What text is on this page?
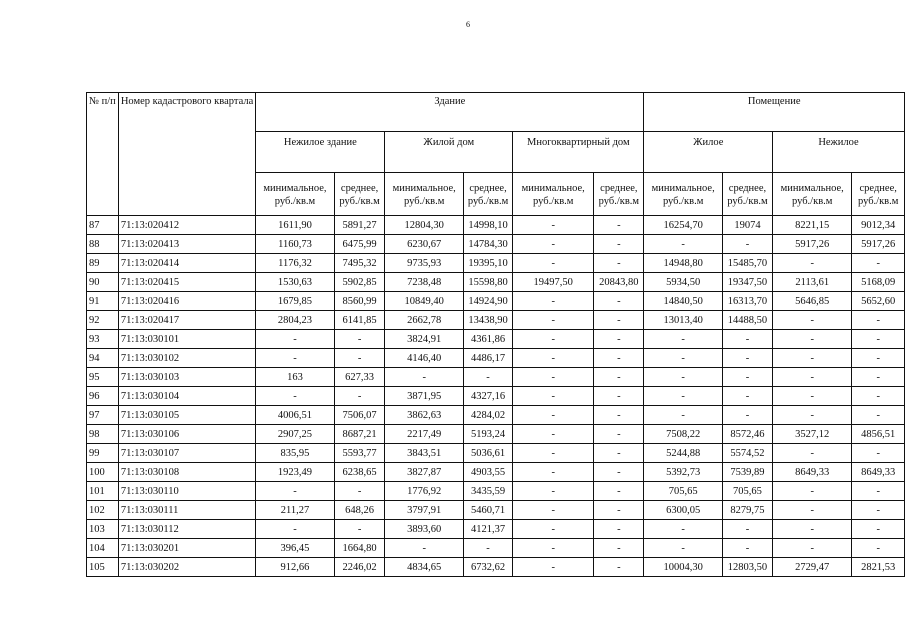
6
№ п/п	Номер кадастрового квартала	Здание						Помещение			
		Нежилое здание		Жилой дом		Многоквартирный дом		Жилое		Нежилое	
		минимальное, руб./кв.м	среднее, руб./кв.м	минимальное, руб./кв.м	среднее, руб./кв.м	минимальное, руб./кв.м	среднее, руб./кв.м	минимальное, руб./кв.м	среднее, руб./кв.м	минимальное, руб./кв.м	среднее, руб./кв.м
87	71:13:020412	1611,90	5891,27	12804,30	14998,10	-	-	16254,70	19074	8221,15	9012,34
88	71:13:020413	1160,73	6475,99	6230,67	14784,30	-	-	-	-	5917,26	5917,26
89	71:13:020414	1176,32	7495,32	9735,93	19395,10	-	-	14948,80	15485,70	-	-
90	71:13:020415	1530,63	5902,85	7238,48	15598,80	19497,50	20843,80	5934,50	19347,50	2113,61	5168,09
91	71:13:020416	1679,85	8560,99	10849,40	14924,90	-	-	14840,50	16313,70	5646,85	5652,60
92	71:13:020417	2804,23	6141,85	2662,78	13438,90	-	-	13013,40	14488,50	-	-
93	71:13:030101	-	-	3824,91	4361,86	-	-	-	-	-	-
94	71:13:030102	-	-	4146,40	4486,17	-	-	-	-	-	-
95	71:13:030103	163	627,33	-	-	-	-	-	-	-	-
96	71:13:030104	-	-	3871,95	4327,16	-	-	-	-	-	-
97	71:13:030105	4006,51	7506,07	3862,63	4284,02	-	-	-	-	-	-
98	71:13:030106	2907,25	8687,21	2217,49	5193,24	-	-	7508,22	8572,46	3527,12	4856,51
99	71:13:030107	835,95	5593,77	3843,51	5036,61	-	-	5244,88	5574,52	-	-
100	71:13:030108	1923,49	6238,65	3827,87	4903,55	-	-	5392,73	7539,89	8649,33	8649,33
101	71:13:030110	-	-	1776,92	3435,59	-	-	705,65	705,65	-	-
102	71:13:030111	211,27	648,26	3797,91	5460,71	-	-	6300,05	8279,75	-	-
103	71:13:030112	-	-	3893,60	4121,37	-	-	-	-	-	-
104	71:13:030201	396,45	1664,80	-	-	-	-	-	-	-	-
105	71:13:030202	912,66	2246,02	4834,65	6732,62	-	-	10004,30	12803,50	2729,47	2821,53
